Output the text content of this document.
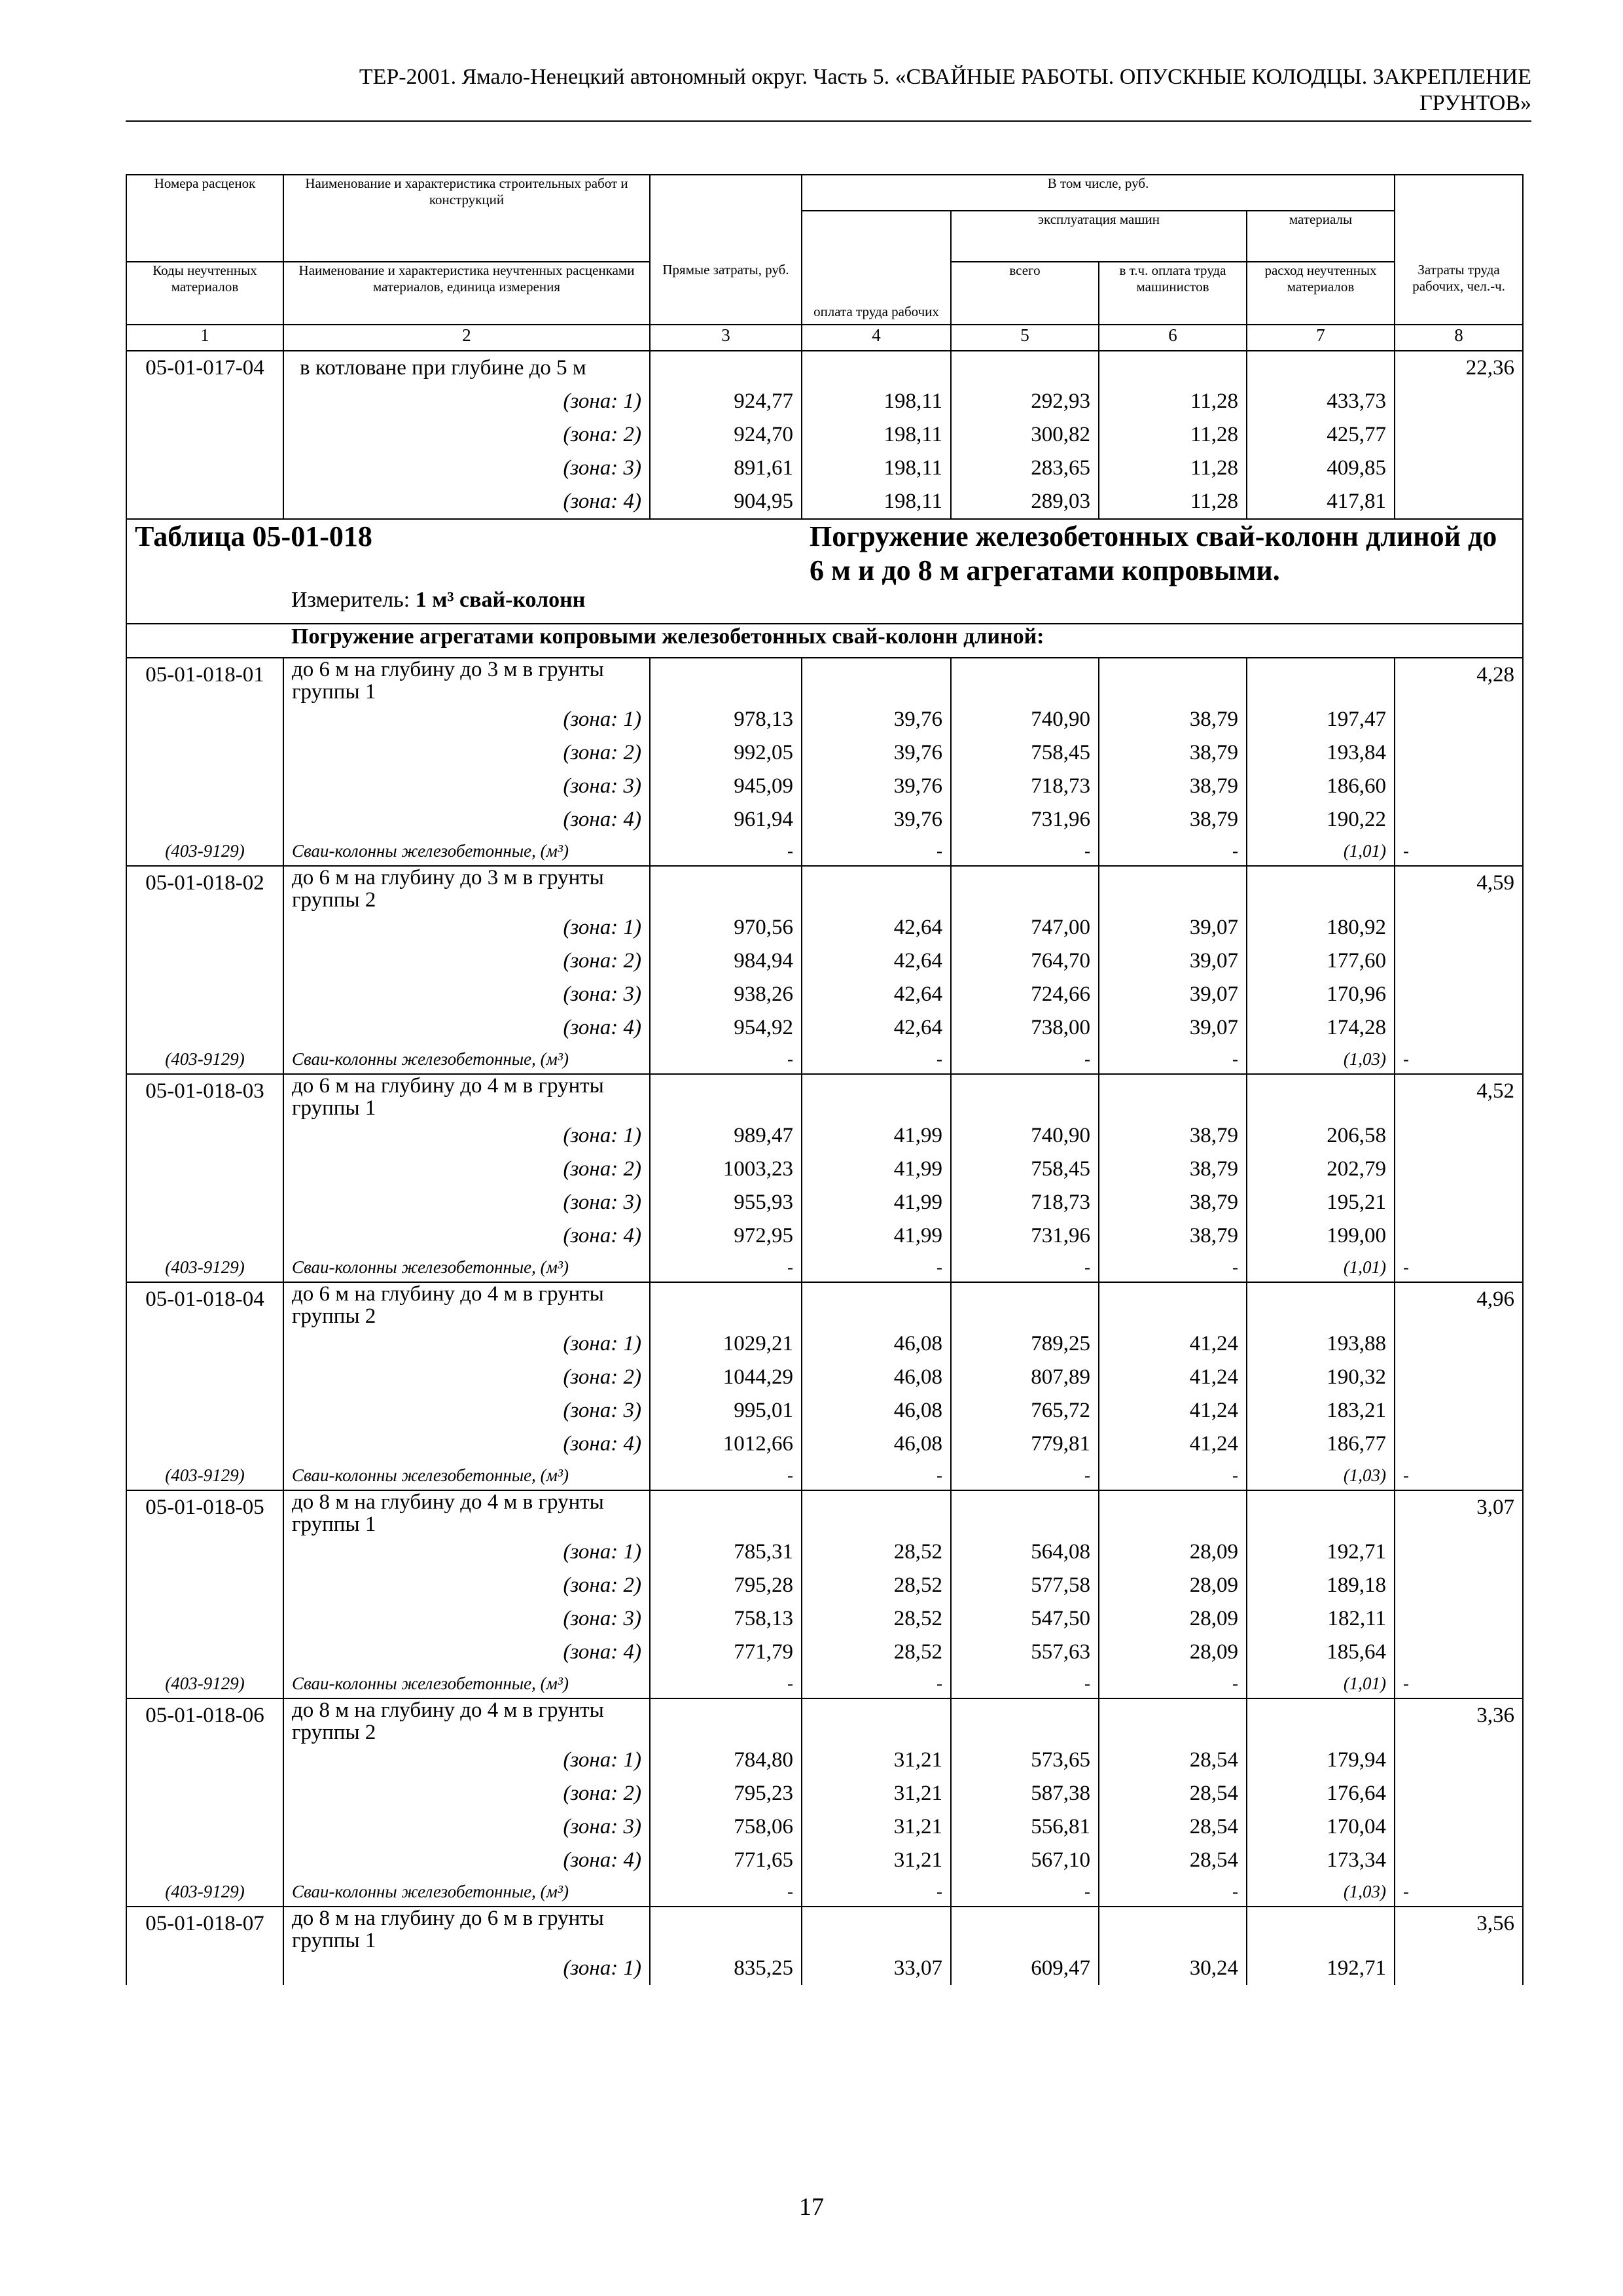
ТЕР-2001. Ямало-Ненецкий автономный округ. Часть 5. «СВАЙНЫЕ РАБОТЫ. ОПУСКНЫЕ КОЛОДЦЫ. ЗАКРЕПЛЕНИЕ
ГРУНТОВ»
Номера расценок	Наименование и характеристика строительных работ и конструкций		В том числе, руб.				
			оплата труда рабочих	эксплуатация машин		материалы	
Коды неучтенных материалов	Наименование и характеристика неучтенных расценками материалов, единица измерения	Прямые затраты, руб.		всего	в т.ч. оплата труда машинистов	расход неучтенных материалов	Затраты труда рабочих, чел.-ч.
1	2	3	4	5	6	7	8
05-01-017-04	в котловане при глубине до 5 м						22,36
	(зона: 1)	924,77	198,11	292,93	11,28	433,73	
	(зона: 2)	924,70	198,11	300,82	11,28	425,77	
	(зона: 3)	891,61	198,11	283,65	11,28	409,85	
	(зона: 4)	904,95	198,11	289,03	11,28	417,81	
Таблица 05-01-018			Погружение железобетонных свай-колонн длиной до
6 м и до 8 м агрегатами копровыми.				

	Измеритель: 1 м³ свай-колонн						
	Погружение агрегатами копровыми железобетонных свай-колонн длиной:						
05-01-018-01	до 6 м на глубину до 3 м в грунты группы 1						4,28
	(зона: 1)	978,13	39,76	740,90	38,79	197,47	
	(зона: 2)	992,05	39,76	758,45	38,79	193,84	
	(зона: 3)	945,09	39,76	718,73	38,79	186,60	
	(зона: 4)	961,94	39,76	731,96	38,79	190,22	
(403-9129)	Сваи-колонны железобетонные, (м³)	-	-	-	-	(1,01)	-
05-01-018-02	до 6 м на глубину до 3 м в грунты группы 2						4,59
	(зона: 1)	970,56	42,64	747,00	39,07	180,92	
	(зона: 2)	984,94	42,64	764,70	39,07	177,60	
	(зона: 3)	938,26	42,64	724,66	39,07	170,96	
	(зона: 4)	954,92	42,64	738,00	39,07	174,28	
(403-9129)	Сваи-колонны железобетонные, (м³)	-	-	-	-	(1,03)	-
05-01-018-03	до 6 м на глубину до 4 м в грунты группы 1						4,52
	(зона: 1)	989,47	41,99	740,90	38,79	206,58	
	(зона: 2)	1003,23	41,99	758,45	38,79	202,79	
	(зона: 3)	955,93	41,99	718,73	38,79	195,21	
	(зона: 4)	972,95	41,99	731,96	38,79	199,00	
(403-9129)	Сваи-колонны железобетонные, (м³)	-	-	-	-	(1,01)	-
05-01-018-04	до 6 м на глубину до 4 м в грунты группы 2						4,96
	(зона: 1)	1029,21	46,08	789,25	41,24	193,88	
	(зона: 2)	1044,29	46,08	807,89	41,24	190,32	
	(зона: 3)	995,01	46,08	765,72	41,24	183,21	
	(зона: 4)	1012,66	46,08	779,81	41,24	186,77	
(403-9129)	Сваи-колонны железобетонные, (м³)	-	-	-	-	(1,03)	-
05-01-018-05	до 8 м на глубину до 4 м в грунты группы 1						3,07
	(зона: 1)	785,31	28,52	564,08	28,09	192,71	
	(зона: 2)	795,28	28,52	577,58	28,09	189,18	
	(зона: 3)	758,13	28,52	547,50	28,09	182,11	
	(зона: 4)	771,79	28,52	557,63	28,09	185,64	
(403-9129)	Сваи-колонны железобетонные, (м³)	-	-	-	-	(1,01)	-
05-01-018-06	до 8 м на глубину до 4 м в грунты группы 2						3,36
	(зона: 1)	784,80	31,21	573,65	28,54	179,94	
	(зона: 2)	795,23	31,21	587,38	28,54	176,64	
	(зона: 3)	758,06	31,21	556,81	28,54	170,04	
	(зона: 4)	771,65	31,21	567,10	28,54	173,34	
(403-9129)	Сваи-колонны железобетонные, (м³)	-	-	-	-	(1,03)	-
05-01-018-07	до 8 м на глубину до 6 м в грунты группы 1						3,56
	(зона: 1)	835,25	33,07	609,47	30,24	192,71	
17
